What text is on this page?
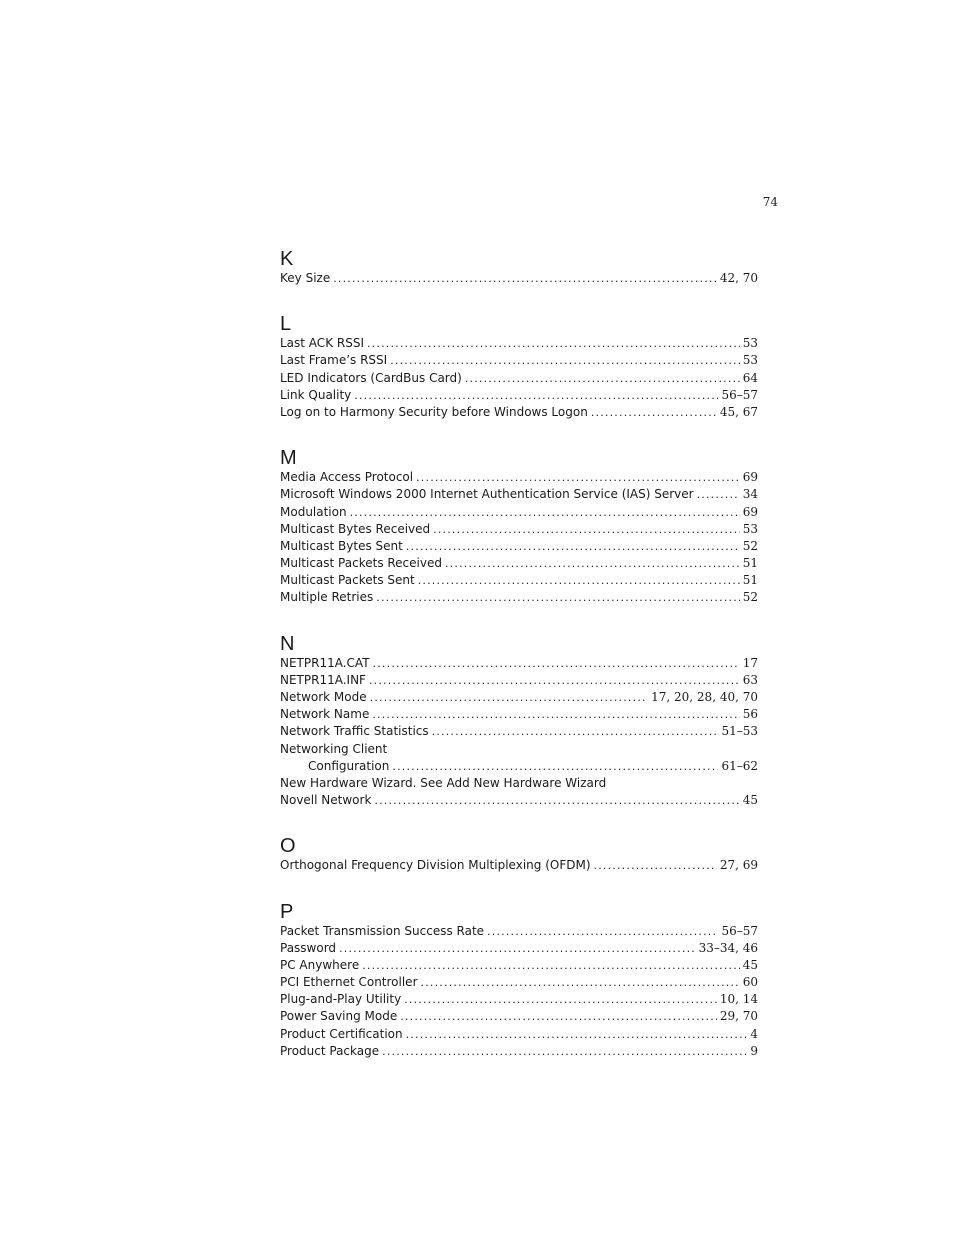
74
K
Key Size .....	42, 70
L
Last ACK RSSI .....	53
Last Frame’s RSSI .....	53
LED Indicators (CardBus Card) .....	64
Link Quality .....	56–57
Log on to Harmony Security before Windows Logon .....	45, 67
M
Media Access Protocol .....	69
Microsoft Windows 2000 Internet Authentication Service (IAS) Server .....	34
Modulation .....	69
Multicast Bytes Received .....	53
Multicast Bytes Sent .....	52
Multicast Packets Received .....	51
Multicast Packets Sent .....	51
Multiple Retries .....	52
N
NETPR11A.CAT .....	17
NETPR11A.INF .....	63
Network Mode .....	17, 20, 28, 40, 70
Network Name .....	56
Network Traffic Statistics .....	51–53
Networking Client
Configuration .....	61–62
New Hardware Wizard. See Add New Hardware Wizard
Novell Network .....	45
O
Orthogonal Frequency Division Multiplexing (OFDM) .....	27, 69
P
Packet Transmission Success Rate .....	56–57
Password .....	33–34, 46
PC Anywhere .....	45
PCI Ethernet Controller .....	60
Plug-and-Play Utility .....	10, 14
Power Saving Mode .....	29, 70
Product Certification .....	4
Product Package .....	9
